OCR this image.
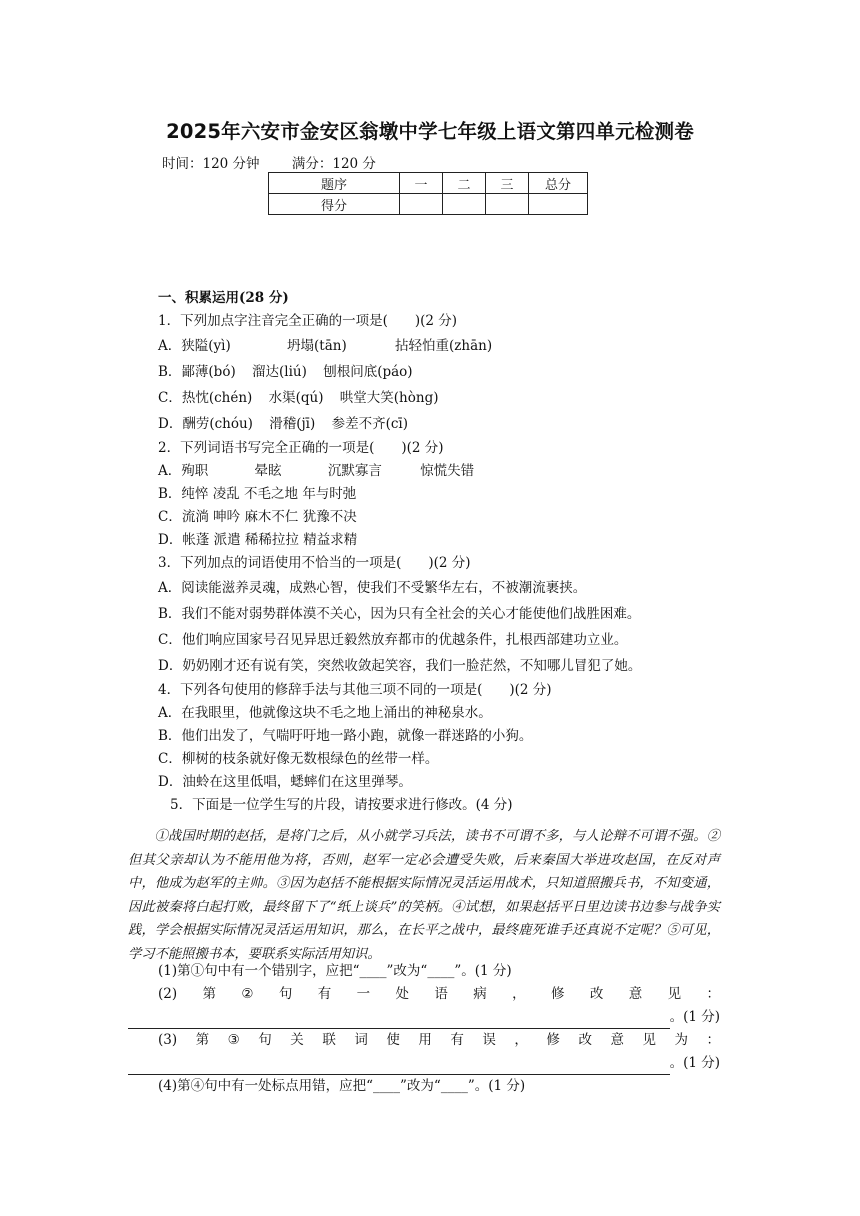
2025年六安市金安区翁墩中学七年级上语文第四单元检测卷
时间：120 分钟 满分：120 分
题序	一	二	三	总分
得分				
一、积累运用(28 分)
1．下列加点字注音完全正确的一项是(　　)(2 分)
A．狭隘(yì)	坍塌(tān)	拈轻怕重(zhān)
B．鄙薄(bó) 溜达(liú) 刨根问底(páo)
C．热忱(chén) 水渠(qú) 哄堂大笑(hòng)
D．酬劳(chóu) 滑稽(jī) 参差不齐(cī)
2．下列词语书写完全正确的一项是(　　)(2 分)
A．殉职	晕眩	沉默寡言	惊慌失错
B．纯悴 凌乱 不毛之地 年与时弛
C．流淌 呻吟 麻木不仁 犹豫不决
D．帐蓬 派遣 稀稀拉拉 精益求精
3．下列加点的词语使用不恰当的一项是(　　)(2 分)
A．阅读能滋养灵魂，成熟心智，使我们不受繁华左右，不被潮流裹挟。
B．我们不能对弱势群体漠不关心，因为只有全社会的关心才能使他们战胜困难。
C．他们响应国家号召见异思迁毅然放弃都市的优越条件，扎根西部建功立业。
D．奶奶刚才还有说有笑，突然收敛起笑容，我们一脸茫然，不知哪儿冒犯了她。
4．下列各句使用的修辞手法与其他三项不同的一项是(　　)(2 分)
A．在我眼里，他就像这块不毛之地上涌出的神秘泉水。
B．他们出发了，气喘吁吁地一路小跑，就像一群迷路的小狗。
C．柳树的枝条就好像无数根绿色的丝带一样。
D．油蛉在这里低唱，蟋蟀们在这里弹琴。
5．下面是一位学生写的片段，请按要求进行修改。(4 分)
①战国时期的赵括，是将门之后，从小就学习兵法，读书不可谓不多，与人论辩不可谓不强。②但其父亲却认为不能用他为将，否则，赵军一定必会遭受失败，后来秦国大举进攻赵国，在反对声中，他成为赵军的主帅。③因为赵括不能根据实际情况灵活运用战术，只知道照搬兵书，不知变通，因此被秦将白起打败，最终留下了“纸上谈兵”的笑柄。④试想，如果赵括平日里边读书边参与战争实践，学会根据实际情况灵活运用知识，那么，在长平之战中，最终鹿死谁手还真说不定呢？⑤可见，学习不能照搬书本，要联系实际活用知识。
(1)第①句中有一个错别字，应把“____”改为“____”。(1 分)
(2) 第 ② 句 有 一 处 语 病 ， 修 改 意 见 ：
。(1 分)
(3) 第 ③ 句 关 联 词 使 用 有 误 ， 修 改 意 见 为 ：
。(1 分)
(4)第④句中有一处标点用错，应把“____”改为“____”。(1 分)
